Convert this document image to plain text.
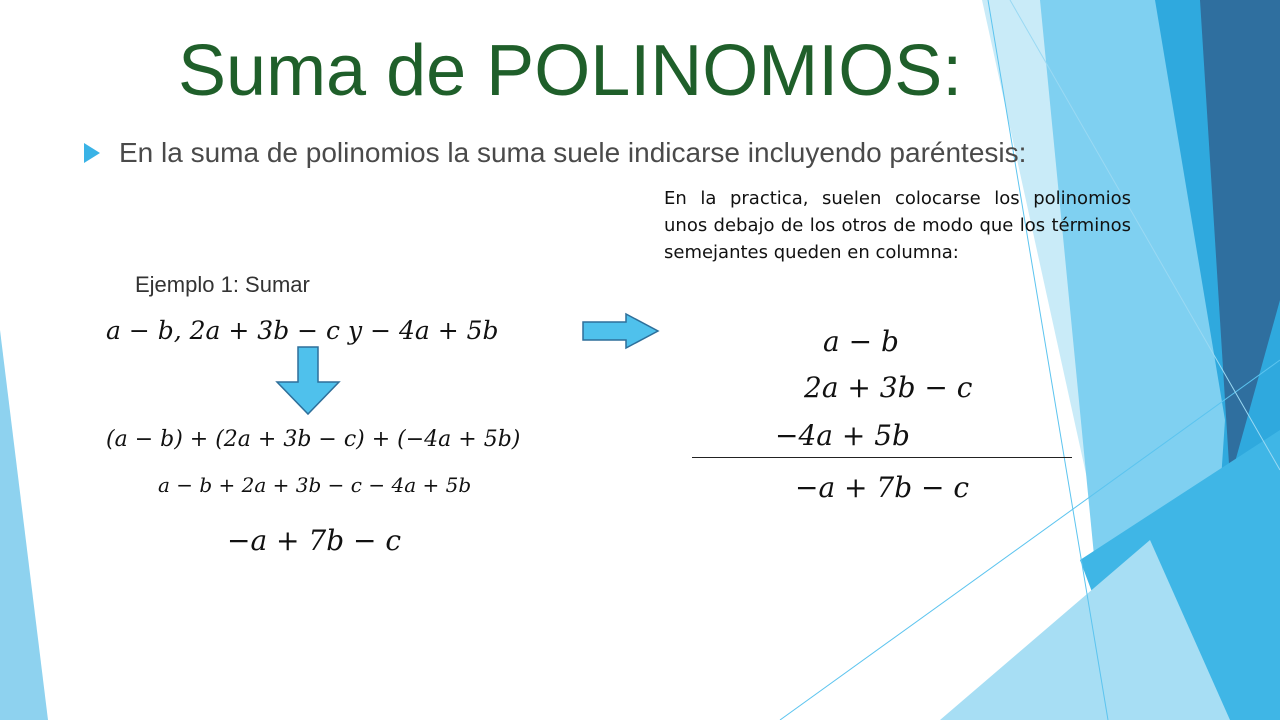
Suma de POLINOMIOS:
En la suma de polinomios la suma suele indicarse incluyendo paréntesis:
En la practica, suelen colocarse los polinomios unos debajo de los otros de modo que los términos semejantes queden en columna:
Ejemplo 1: Sumar
a − b, 2a + 3b − c y − 4a + 5b
(a − b) + (2a + 3b − c) + (−4a + 5b)
a − b + 2a + 3b − c − 4a + 5b
−a + 7b − c
a − b
2a + 3b − c
−4a + 5b
−a + 7b − c
